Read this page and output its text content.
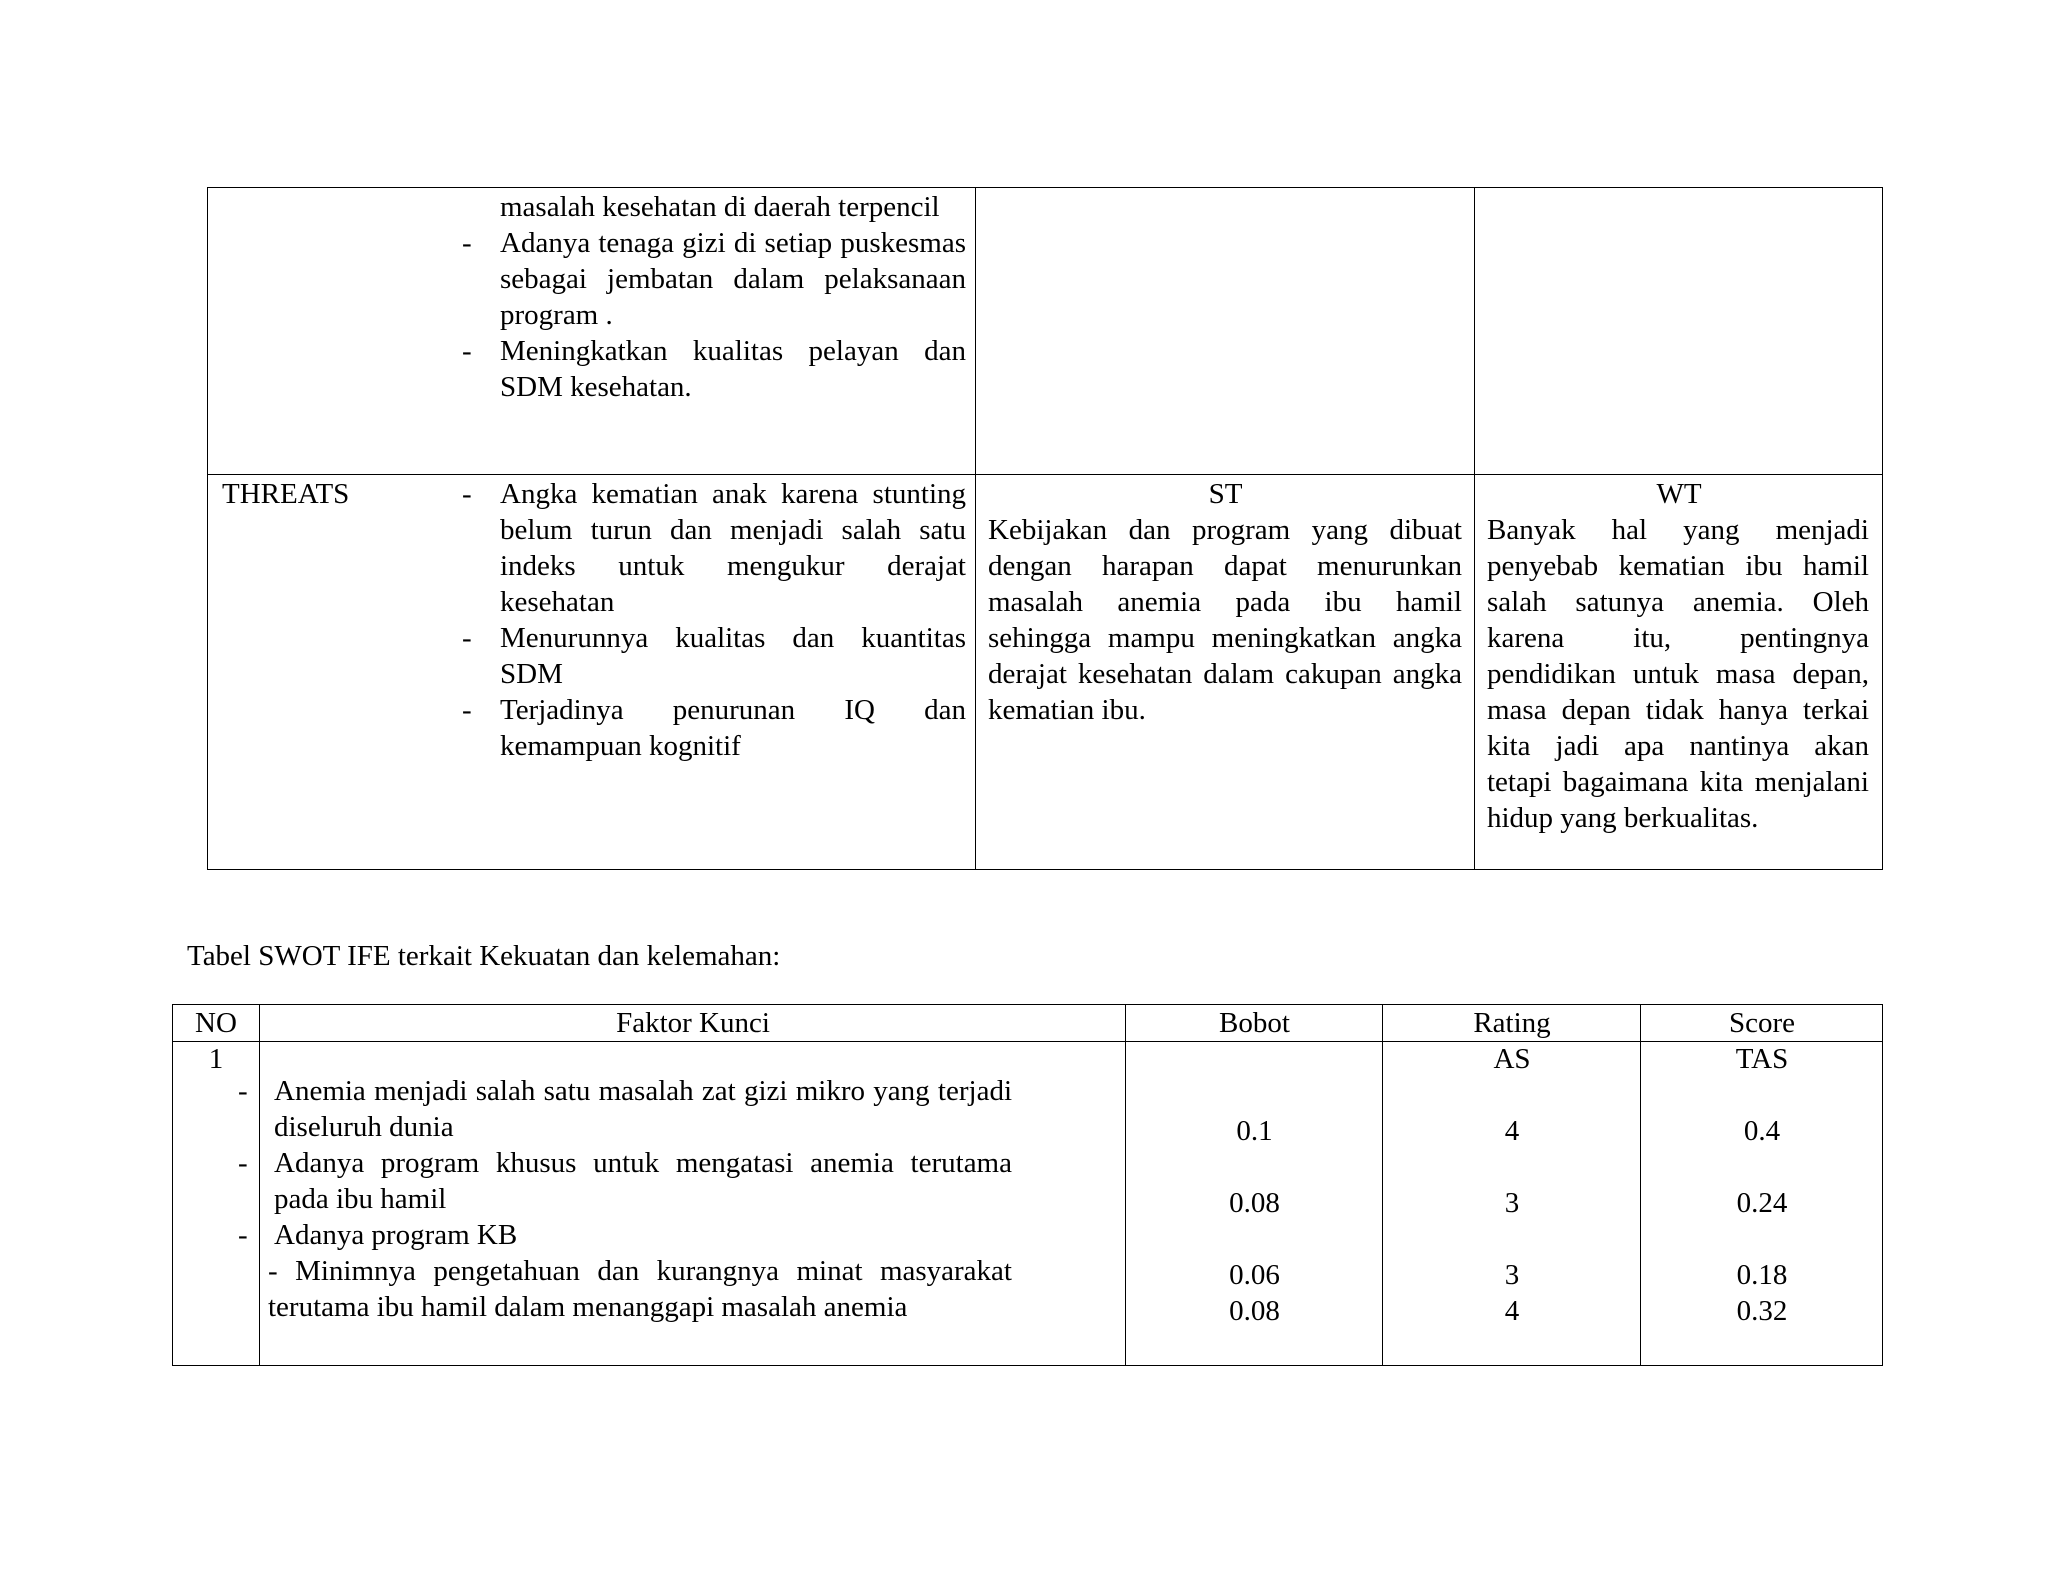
masalah kesehatan di daerah terpencil
- Adanya tenaga gizi di setiap puskesmas sebagai jembatan dalam pelaksanaan program .
- Meningkatkan kualitas pelayan dan SDM kesehatan.
THREATS
-	Angka kematian anak karena stunting belum turun dan menjadi salah satu indeks untuk mengukur derajat kesehatan
- Menurunnya kualitas dan kuantitas SDM
- Terjadinya penurunan IQ dan kemampuan kognitif
ST
Kebijakan dan program yang dibuat dengan harapan dapat menurunkan masalah anemia pada ibu hamil sehingga mampu meningkatkan angka derajat kesehatan dalam cakupan angka kematian ibu.
WT
Banyak hal yang menjadi penyebab kematian ibu hamil salah satunya anemia. Oleh karena itu, pentingnya pendidikan untuk masa depan, masa depan tidak hanya terkai kita jadi apa nantinya akan tetapi bagaimana kita menjalani hidup yang berkualitas.
Tabel SWOT IFE terkait Kekuatan dan kelemahan:
NO	Faktor Kunci	Bobot	Rating	Score
1	AS	TAS
- Anemia menjadi salah satu masalah zat gizi mikro yang terjadi diseluruh dunia
- Adanya program khusus untuk mengatasi anemia terutama pada ibu hamil
- Adanya program KB
- Minimnya pengetahuan dan kurangnya minat masyarakat terutama ibu hamil dalam menanggapi masalah anemia
0.1
0.08
0.06
0.08
4
3
3
4
0.4
0.24
0.18
0.32
